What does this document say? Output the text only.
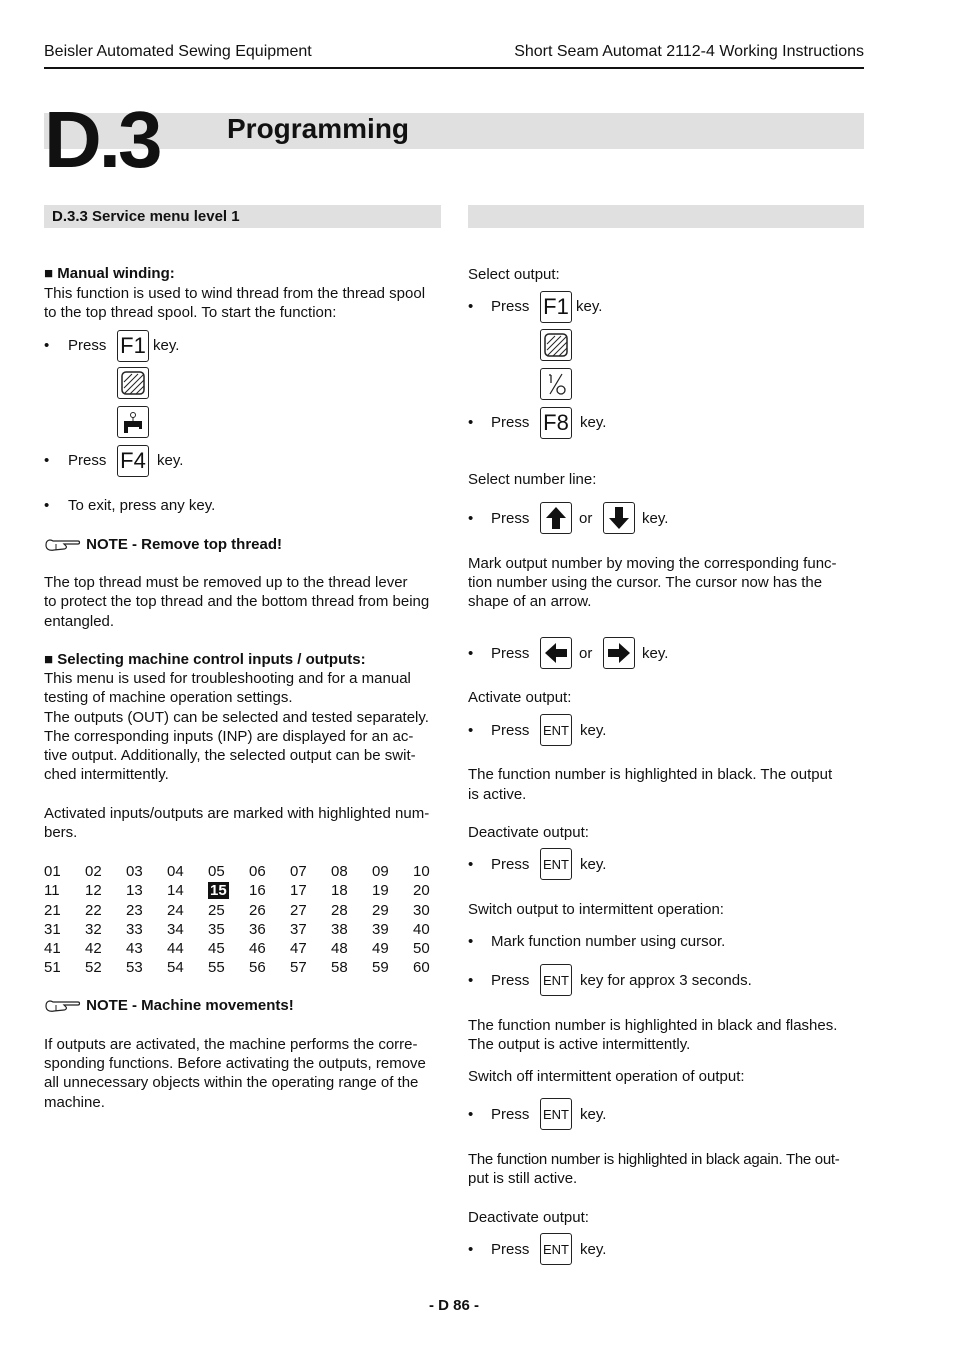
Beisler Automated Sewing Equipment	Short Seam Automat 2112-4 Working Instructions
D.3 Programming
D.3.3 Service menu level 1
■ Manual winding:
This function is used to wind thread from the thread spool
to the top thread spool. To start the function:
• Press F1 key.
• Press F4 key.
• To exit, press any key.
NOTE - Remove top thread!
The top thread must be removed up to the thread lever
to protect the top thread and the bottom thread from being
entangled.
■ Selecting machine control inputs / outputs:
This menu is used for troubleshooting and for a manual
testing of machine operation settings.
The outputs (OUT) can be selected and tested separately.
The corresponding inputs (INP) are displayed for an ac-
tive output. Additionally, the selected output can be swit-
ched intermittently.
Activated inputs/outputs are marked with highlighted num-
bers.
01	02	03	04	05	06	07	08	09	10
11	12	13	14	15	16	17	18	19	20
21	22	23	24	25	26	27	28	29	30
31	32	33	34	35	36	37	38	39	40
41	42	43	44	45	46	47	48	49	50
51	52	53	54	55	56	57	58	59	60
NOTE - Machine movements!
If outputs are activated, the machine performs the corre-
sponding functions. Before activating the outputs, remove
all unnecessary objects within the operating range of the
machine.
Select output:
• Press F1 key.
• Press F8 key.
Select number line:
• Press	or	key.
Mark output number by moving the corresponding func-
tion number using the cursor. The cursor now has the
shape of an arrow.
• Press	or	key.
Activate output:
• Press ENT key.
The function number is highlighted in black. The output
is active.
Deactivate output:
• Press ENT key.
Switch output to intermittent operation:
• Mark function number using cursor.
• Press ENT key for approx 3 seconds.
The function number is highlighted in black and flashes.
The output is active intermittently.
Switch off intermittent operation of output:
• Press ENT key.
The function number is highlighted in black again. The out-
put is still active.
Deactivate output:
• Press ENT key.
- D 86 -
